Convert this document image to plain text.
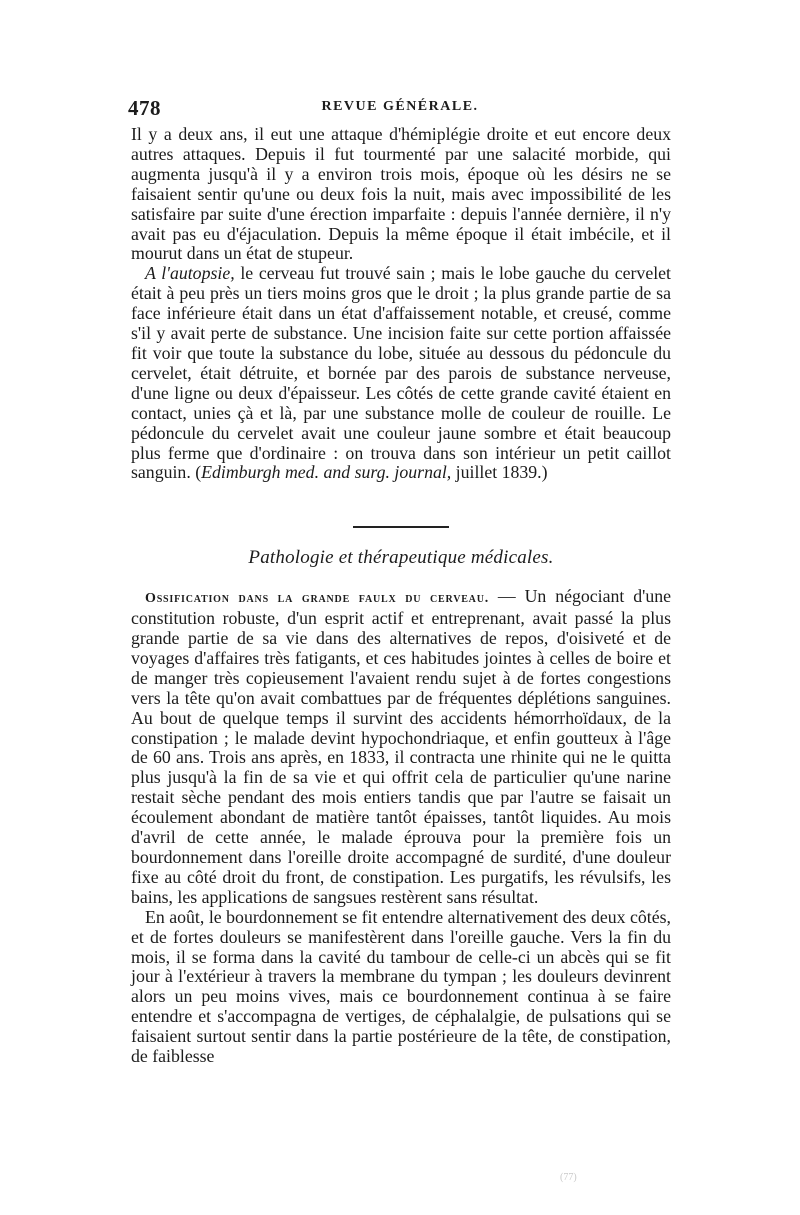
478	REVUE GÉNÉRALE.

Il y a deux ans, il eut une attaque d'hémiplégie droite et eut encore deux autres attaques. Depuis il fut tourmenté par une salacité morbide, qui augmenta jusqu'à il y a environ trois mois, époque où les désirs ne se faisaient sentir qu'une ou deux fois la nuit, mais avec impossibilité de les satisfaire par suite d'une érection imparfaite : depuis l'année dernière, il n'y avait pas eu d'éjaculation. Depuis la même époque il était imbécile, et il mourut dans un état de stupeur.

A l'autopsie, le cerveau fut trouvé sain ; mais le lobe gauche du cervelet était à peu près un tiers moins gros que le droit ; la plus grande partie de sa face inférieure était dans un état d'affaissement notable, et creusé, comme s'il y avait perte de substance. Une incision faite sur cette portion affaissée fit voir que toute la substance du lobe, située au dessous du pédoncule du cervelet, était détruite, et bornée par des parois de substance nerveuse, d'une ligne ou deux d'épaisseur. Les côtés de cette grande cavité étaient en contact, unies çà et là, par une substance molle de couleur de rouille. Le pédoncule du cervelet avait une couleur jaune sombre et était beaucoup plus ferme que d'ordinaire : on trouva dans son intérieur un petit caillot sanguin. (Edimburgh med. and surg. journal, juillet 1839.)

Pathologie et thérapeutique médicales.

Ossification dans la grande faulx du cerveau. — Un négociant d'une constitution robuste, d'un esprit actif et entreprenant, avait passé la plus grande partie de sa vie dans des alternatives de repos, d'oisiveté et de voyages d'affaires très fatigants, et ces habitudes jointes à celles de boire et de manger très copieusement l'avaient rendu sujet à de fortes congestions vers la tête qu'on avait combattues par de fréquentes déplétions sanguines. Au bout de quelque temps il survint des accidents hémorrhoïdaux, de la constipation ; le malade devint hypochondriaque, et enfin goutteux à l'âge de 60 ans. Trois ans après, en 1833, il contracta une rhinite qui ne le quitta plus jusqu'à la fin de sa vie et qui offrit cela de particulier qu'une narine restait sèche pendant des mois entiers tandis que par l'autre se faisait un écoulement abondant de matière tantôt épaisses, tantôt liquides. Au mois d'avril de cette année, le malade éprouva pour la première fois un bourdonnement dans l'oreille droite accompagné de surdité, d'une douleur fixe au côté droit du front, de constipation. Les purgatifs, les révulsifs, les bains, les applications de sangsues restèrent sans résultat.

En août, le bourdonnement se fit entendre alternativement des deux côtés, et de fortes douleurs se manifestèrent dans l'oreille gauche. Vers la fin du mois, il se forma dans la cavité du tambour de celle-ci un abcès qui se fit jour à l'extérieur à travers la membrane du tympan ; les douleurs devinrent alors un peu moins vives, mais ce bourdonnement continua à se faire entendre et s'accompagna de vertiges, de céphalalgie, de pulsations qui se faisaient surtout sentir dans la partie postérieure de la tête, de constipation, de faiblesse

(77)
